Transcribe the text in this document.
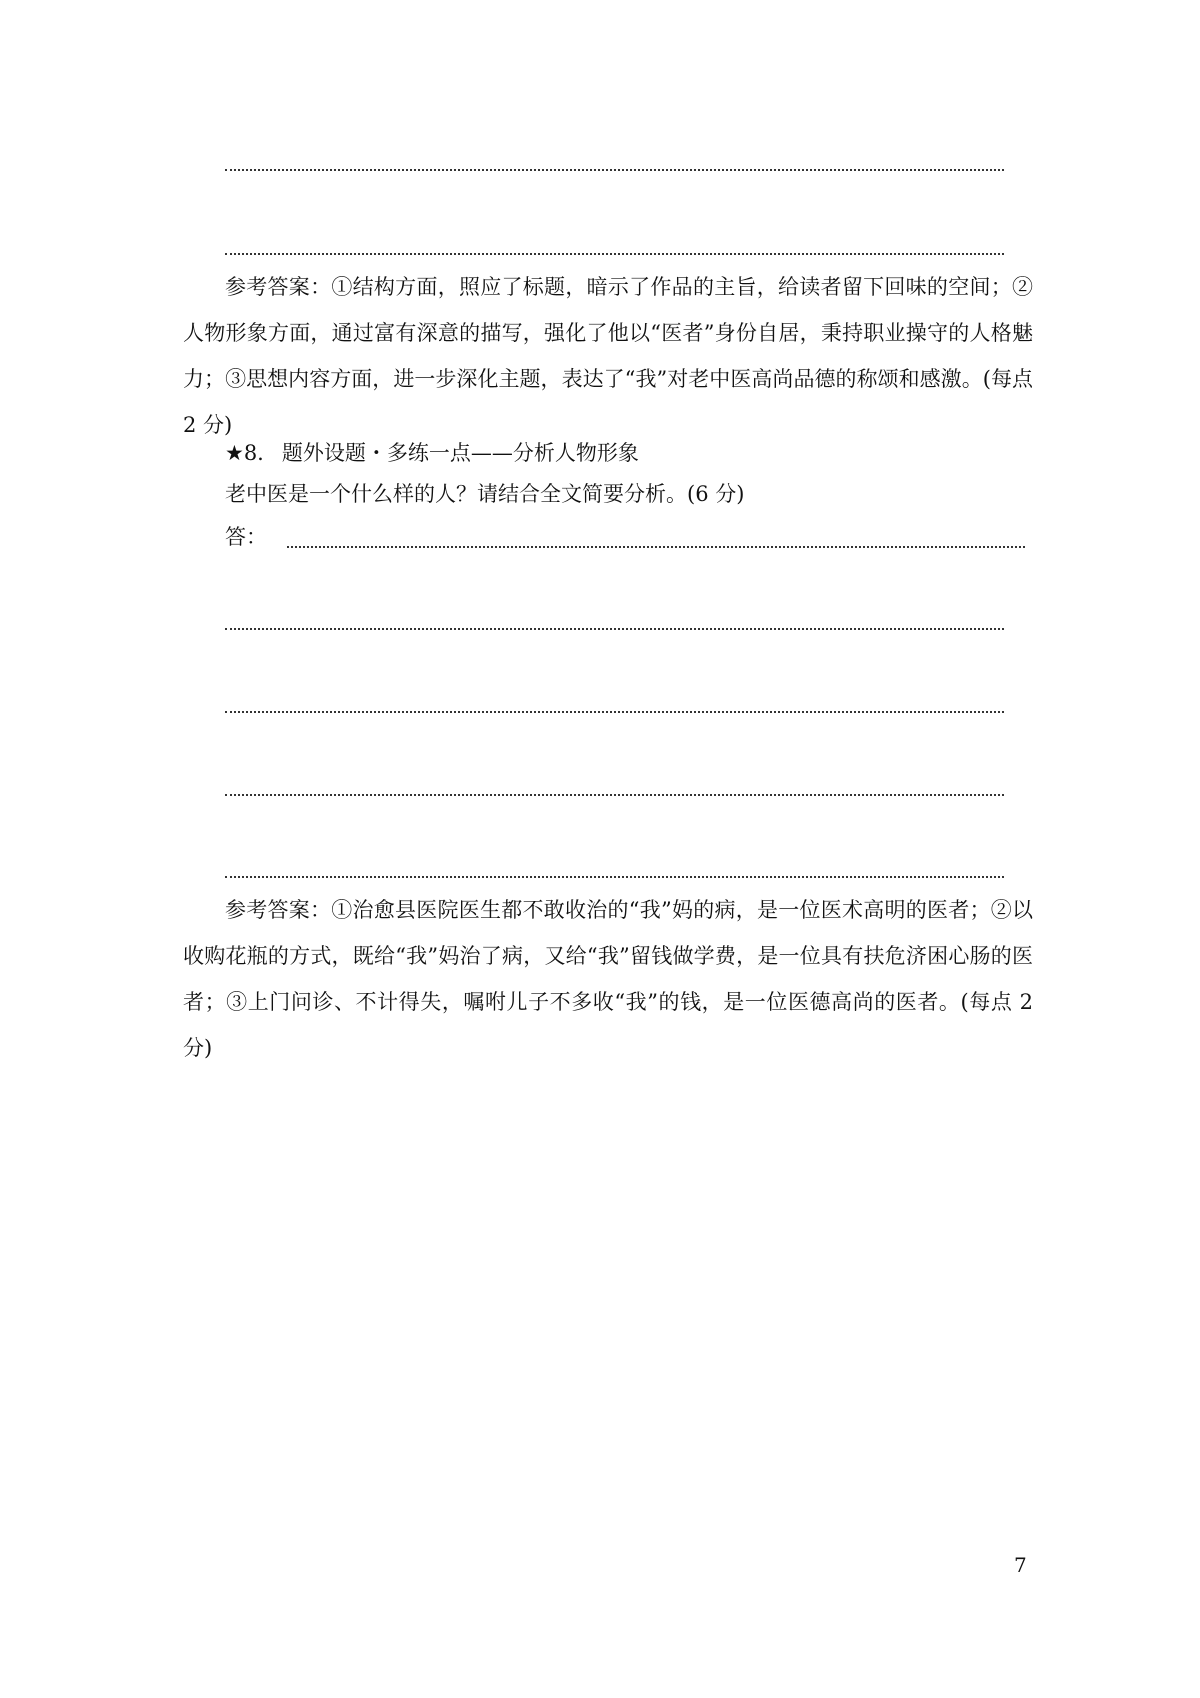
参考答案：①结构方面，照应了标题，暗示了作品的主旨，给读者留下回味的空间；②人物形象方面，通过富有深意的描写，强化了他以“医者”身份自居，秉持职业操守的人格魅力；③思想内容方面，进一步深化主题，表达了“我”对老中医高尚品德的称颂和感激。(每点 2 分)

★8. 题外设题・多练一点——分析人物形象
老中医是一个什么样的人？请结合全文简要分析。(6 分)
答：

参考答案：①治愈县医院医生都不敢收治的“我”妈的病，是一位医术高明的医者；②以收购花瓶的方式，既给“我”妈治了病，又给“我”留钱做学费，是一位具有扶危济困心肠的医者；③上门问诊、不计得失，嘱咐儿子不多收“我”的钱，是一位医德高尚的医者。(每点 2 分)

7
